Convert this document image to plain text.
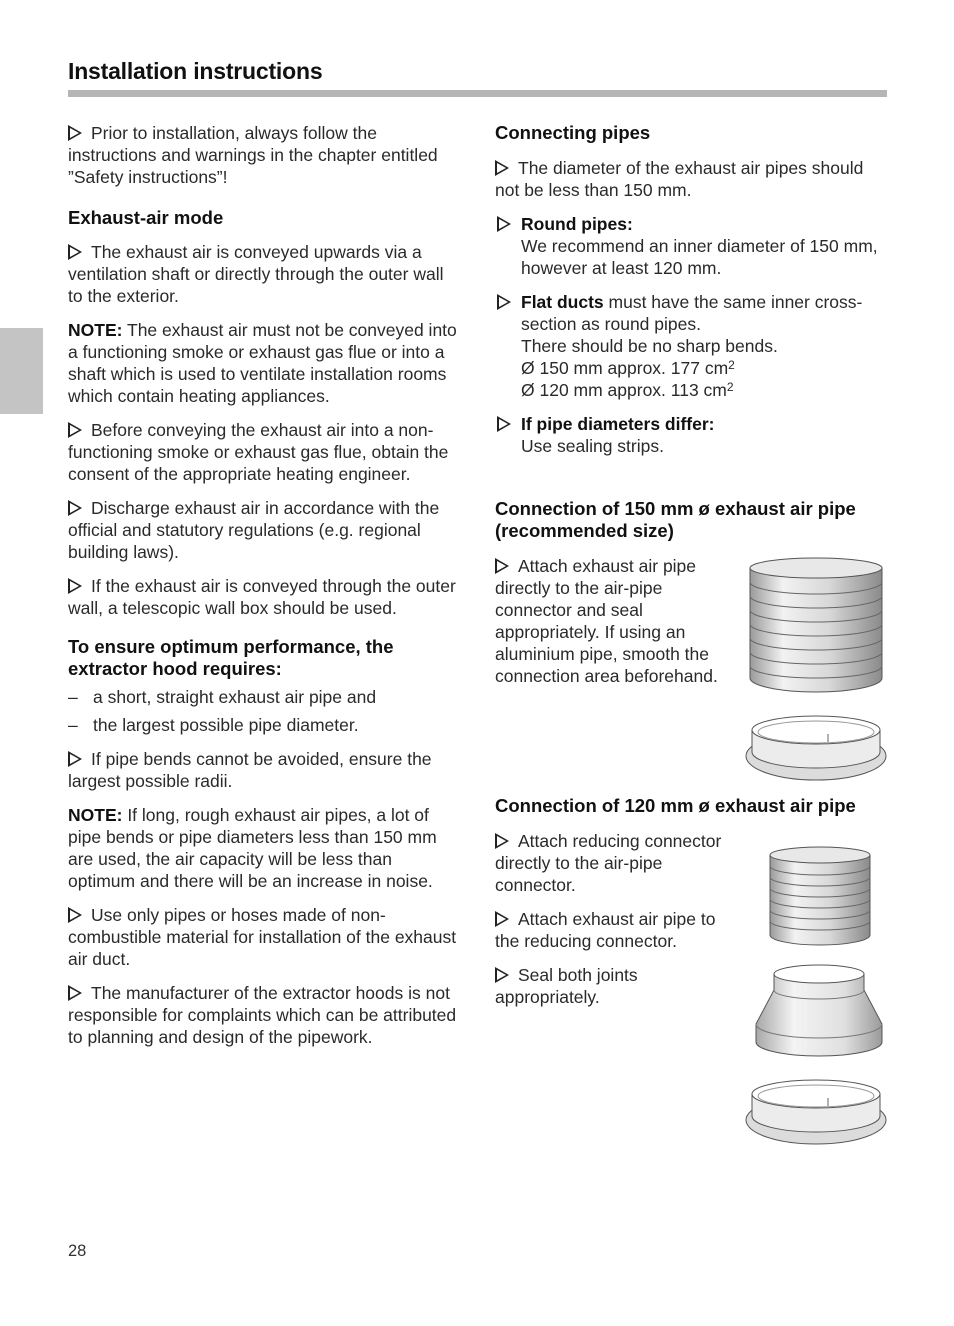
Installation instructions

Prior to installation, always follow the instructions and warnings in the chapter entitled ”Safety instructions”!

Exhaust-air mode

The exhaust air is conveyed upwards via a ventilation shaft or directly through the outer wall to the exterior.

NOTE: The exhaust air must not be conveyed into a functioning smoke or exhaust gas flue or into a shaft which is used to ventilate installation rooms which contain heating appliances.

Before conveying the exhaust air into a non-functioning smoke or exhaust gas flue, obtain the consent of the appropriate heating engineer.

Discharge exhaust air in accordance with the official and statutory regulations (e.g. regional building laws).

If the exhaust air is conveyed through the outer wall, a telescopic wall box should be used.

To ensure optimum performance, the extractor hood requires:
– a short, straight exhaust air pipe and
– the largest possible pipe diameter.

If pipe bends cannot be avoided, ensure the largest possible radii.

NOTE: If long, rough exhaust air pipes, a lot of pipe bends or pipe diameters less than 150 mm are used, the air capacity will be less than optimum and there will be an increase in noise.

Use only pipes or hoses made of non-combustible material for installation of the exhaust air duct.

The manufacturer of the extractor hoods is not responsible for complaints which can be attributed to planning and design of the pipework.

Connecting pipes

The diameter of the exhaust air pipes should not be less than 150 mm.

Round pipes:
We recommend an inner diameter of 150 mm, however at least 120 mm.
Flat ducts must have the same inner cross-section as round pipes.
There should be no sharp bends.
Ø 150 mm approx. 177 $cm^2$
Ø 120 mm approx. 113 $cm^2$
If pipe diameters differ:
Use sealing strips.
Connection of 150 mm ø exhaust air pipe (recommended size)

Attach exhaust air pipe directly to the air-pipe connector and seal appropriately. If using an aluminium pipe, smooth the connection area beforehand.

Connection of 120 mm ø exhaust air pipe

Attach reducing connector directly to the air-pipe connector.

Attach exhaust air pipe to the reducing connector.

Seal both joints appropriately.

28
